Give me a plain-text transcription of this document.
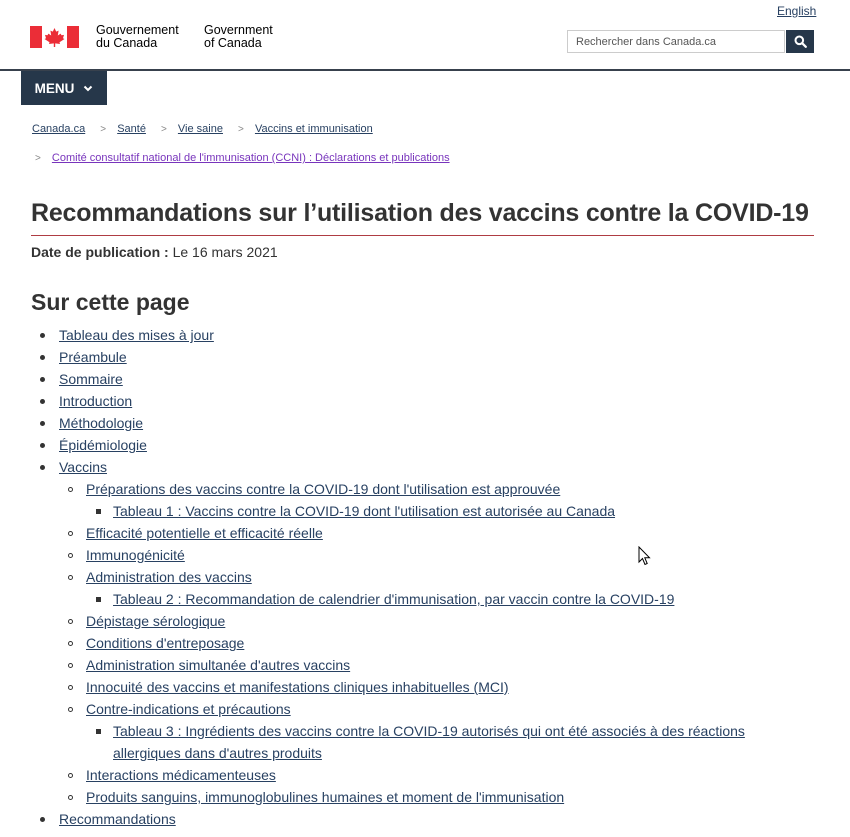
English
Gouvernement
du Canada
Government
of Canada
Rechercher dans Canada.ca
MENU
Canada.ca > Santé > Vie saine > Vaccins et immunisation
> Comité consultatif national de l'immunisation (CCNI) : Déclarations et publications
Recommandations sur l’utilisation des vaccins contre la COVID-19
Date de publication : Le 16 mars 2021
Sur cette page
Tableau des mises à jour
Préambule
Sommaire
Introduction
Méthodologie
Épidémiologie
Vaccins
Préparations des vaccins contre la COVID-19 dont l'utilisation est approuvée
Tableau 1 : Vaccins contre la COVID-19 dont l'utilisation est autorisée au Canada
Efficacité potentielle et efficacité réelle
Immunogénicité
Administration des vaccins
Tableau 2 : Recommandation de calendrier d'immunisation, par vaccin contre la COVID-19
Dépistage sérologique
Conditions d'entreposage
Administration simultanée d'autres vaccins
Innocuité des vaccins et manifestations cliniques inhabituelles (MCI)
Contre-indications et précautions
Tableau 3 : Ingrédients des vaccins contre la COVID-19 autorisés qui ont été associés à des réactions
allergiques dans d'autres produits
Interactions médicamenteuses
Produits sanguins, immunoglobulines humaines et moment de l'immunisation
Recommandations
